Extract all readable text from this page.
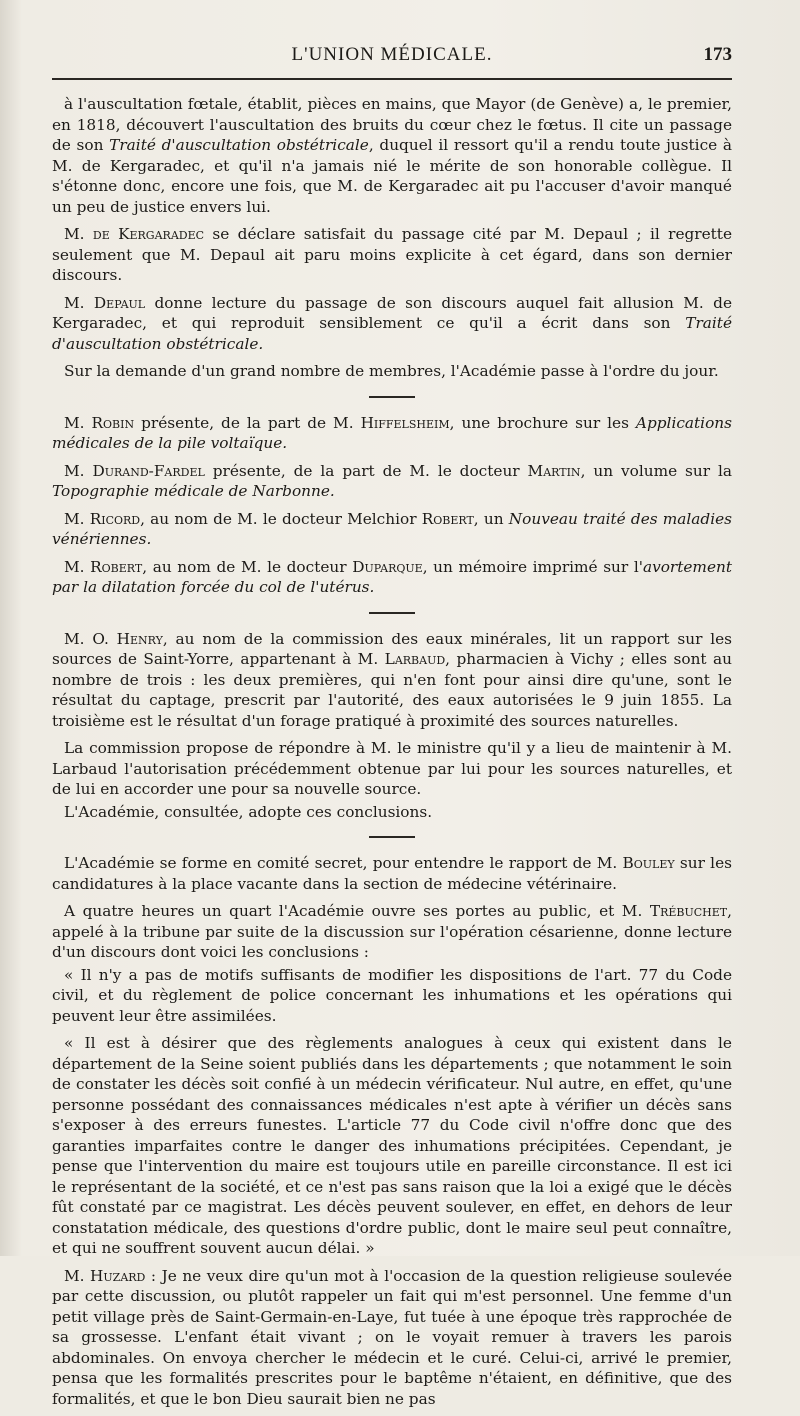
L'UNION MÉDICALE.	173

à l'auscultation fœtale, établit, pièces en mains, que Mayor (de Genève) a, le premier, en 1818, découvert l'auscultation des bruits du cœur chez le fœtus. Il cite un passage de son Traité d'auscultation obstétricale, duquel il ressort qu'il a rendu toute justice à M. de Kergaradec, et qu'il n'a jamais nié le mérite de son honorable collègue. Il s'étonne donc, encore une fois, que M. de Kergaradec ait pu l'accuser d'avoir manqué un peu de justice envers lui.

M. de Kergaradec se déclare satisfait du passage cité par M. Depaul ; il regrette seulement que M. Depaul ait paru moins explicite à cet égard, dans son dernier discours.

M. Depaul donne lecture du passage de son discours auquel fait allusion M. de Kergaradec, et qui reproduit sensiblement ce qu'il a écrit dans son Traité d'auscultation obstétricale.

Sur la demande d'un grand nombre de membres, l'Académie passe à l'ordre du jour.

M. Robin présente, de la part de M. Hiffelsheim, une brochure sur les Applications médicales de la pile voltaïque.

M. Durand-Fardel présente, de la part de M. le docteur Martin, un volume sur la Topographie médicale de Narbonne.

M. Ricord, au nom de M. le docteur Melchior Robert, un Nouveau traité des maladies vénériennes.

M. Robert, au nom de M. le docteur Duparque, un mémoire imprimé sur l'avortement par la dilatation forcée du col de l'utérus.

M. O. Henry, au nom de la commission des eaux minérales, lit un rapport sur les sources de Saint-Yorre, appartenant à M. Larbaud, pharmacien à Vichy ; elles sont au nombre de trois : les deux premières, qui n'en font pour ainsi dire qu'une, sont le résultat du captage, prescrit par l'autorité, des eaux autorisées le 9 juin 1855. La troisième est le résultat d'un forage pratiqué à proximité des sources naturelles.

La commission propose de répondre à M. le ministre qu'il y a lieu de maintenir à M. Larbaud l'autorisation précédemment obtenue par lui pour les sources naturelles, et de lui en accorder une pour sa nouvelle source.

L'Académie, consultée, adopte ces conclusions.

L'Académie se forme en comité secret, pour entendre le rapport de M. Bouley sur les candidatures à la place vacante dans la section de médecine vétérinaire.

A quatre heures un quart l'Académie ouvre ses portes au public, et M. Trébuchet, appelé à la tribune par suite de la discussion sur l'opération césarienne, donne lecture d'un discours dont voici les conclusions :

« Il n'y a pas de motifs suffisants de modifier les dispositions de l'art. 77 du Code civil, et du règlement de police concernant les inhumations et les opérations qui peuvent leur être assimilées.

« Il est à désirer que des règlements analogues à ceux qui existent dans le département de la Seine soient publiés dans les départements ; que notamment le soin de constater les décès soit confié à un médecin vérificateur. Nul autre, en effet, qu'une personne possédant des connaissances médicales n'est apte à vérifier un décès sans s'exposer à des erreurs funestes. L'article 77 du Code civil n'offre donc que des garanties imparfaites contre le danger des inhumations précipitées. Cependant, je pense que l'intervention du maire est toujours utile en pareille circonstance. Il est ici le représentant de la société, et ce n'est pas sans raison que la loi a exigé que le décès fût constaté par ce magistrat. Les décès peuvent soulever, en effet, en dehors de leur constatation médicale, des questions d'ordre public, dont le maire seul peut connaître, et qui ne souffrent souvent aucun délai. »

M. Huzard : Je ne veux dire qu'un mot à l'occasion de la question religieuse soulevée par cette discussion, ou plutôt rappeler un fait qui m'est personnel. Une femme d'un petit village près de Saint-Germain-en-Laye, fut tuée à une époque très rapprochée de sa grossesse. L'enfant était vivant ; on le voyait remuer à travers les parois abdominales. On envoya chercher le médecin et le curé. Celui-ci, arrivé le premier, pensa que les formalités prescrites pour le baptême n'étaient, en définitive, que des formalités, et que le bon Dieu saurait bien ne pas
